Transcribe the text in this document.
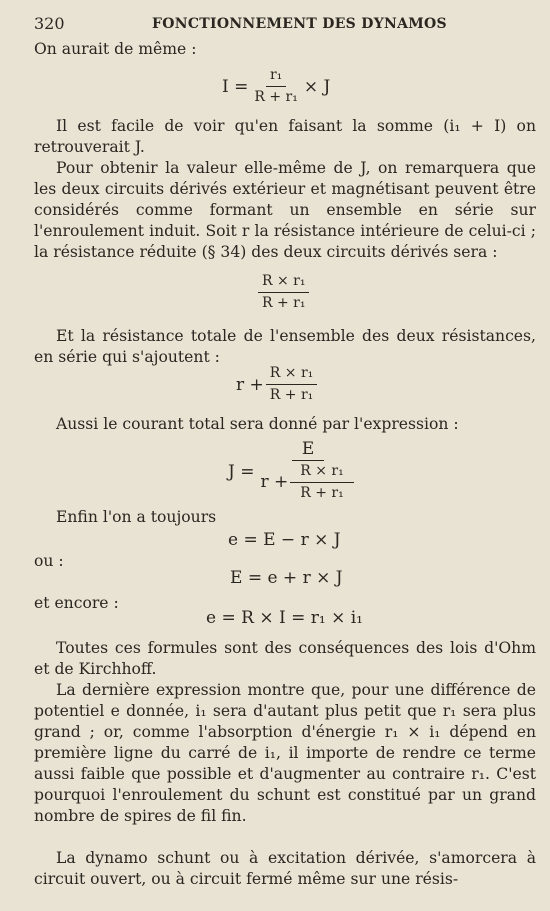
320	FONCTIONNEMENT DES DYNAMOS

On aurait de même :

$I = \frac{\text{r₁}}{\text{R + r₁}} \times J$

Il est facile de voir qu'en faisant la somme (i₁ + I) on retrouverait J.

Pour obtenir la valeur elle-même de J, on remarquera que les deux circuits dérivés extérieur et magnétisant peuvent être considérés comme formant un ensemble en série sur l'enroulement induit. Soit r la résistance intérieure de celui-ci ; la résistance réduite (§ 34) des deux circuits dérivés sera :

$\frac{\text{R × r₁}}{\text{R + r₁}}$

Et la résistance totale de l'ensemble des deux résistances, en série qui s'ajoutent :

$r + \frac{\text{R × r₁}}{\text{R + r₁}}$

Aussi le courant total sera donné par l'expression :

$J = \frac{E}{r + \frac{\text{R × r₁}}{\text{R + r₁}}}$

Enfin l'on a toujours

e = E − r × J

ou :

E = e + r × J

et encore :

e = R × I = r₁ × i₁

Toutes ces formules sont des conséquences des lois d'Ohm et de Kirchhoff.

La dernière expression montre que, pour une différence de potentiel e donnée, i₁ sera d'autant plus petit que r₁ sera plus grand ; or, comme l'absorption d'énergie r₁ × i₁ dépend en première ligne du carré de i₁, il importe de rendre ce terme aussi faible que possible et d'augmenter au contraire r₁. C'est pourquoi l'enroulement du schunt est constitué par un grand nombre de spires de fil fin.

La dynamo schunt ou à excitation dérivée, s'amorcera à circuit ouvert, ou à circuit fermé même sur une résis-
